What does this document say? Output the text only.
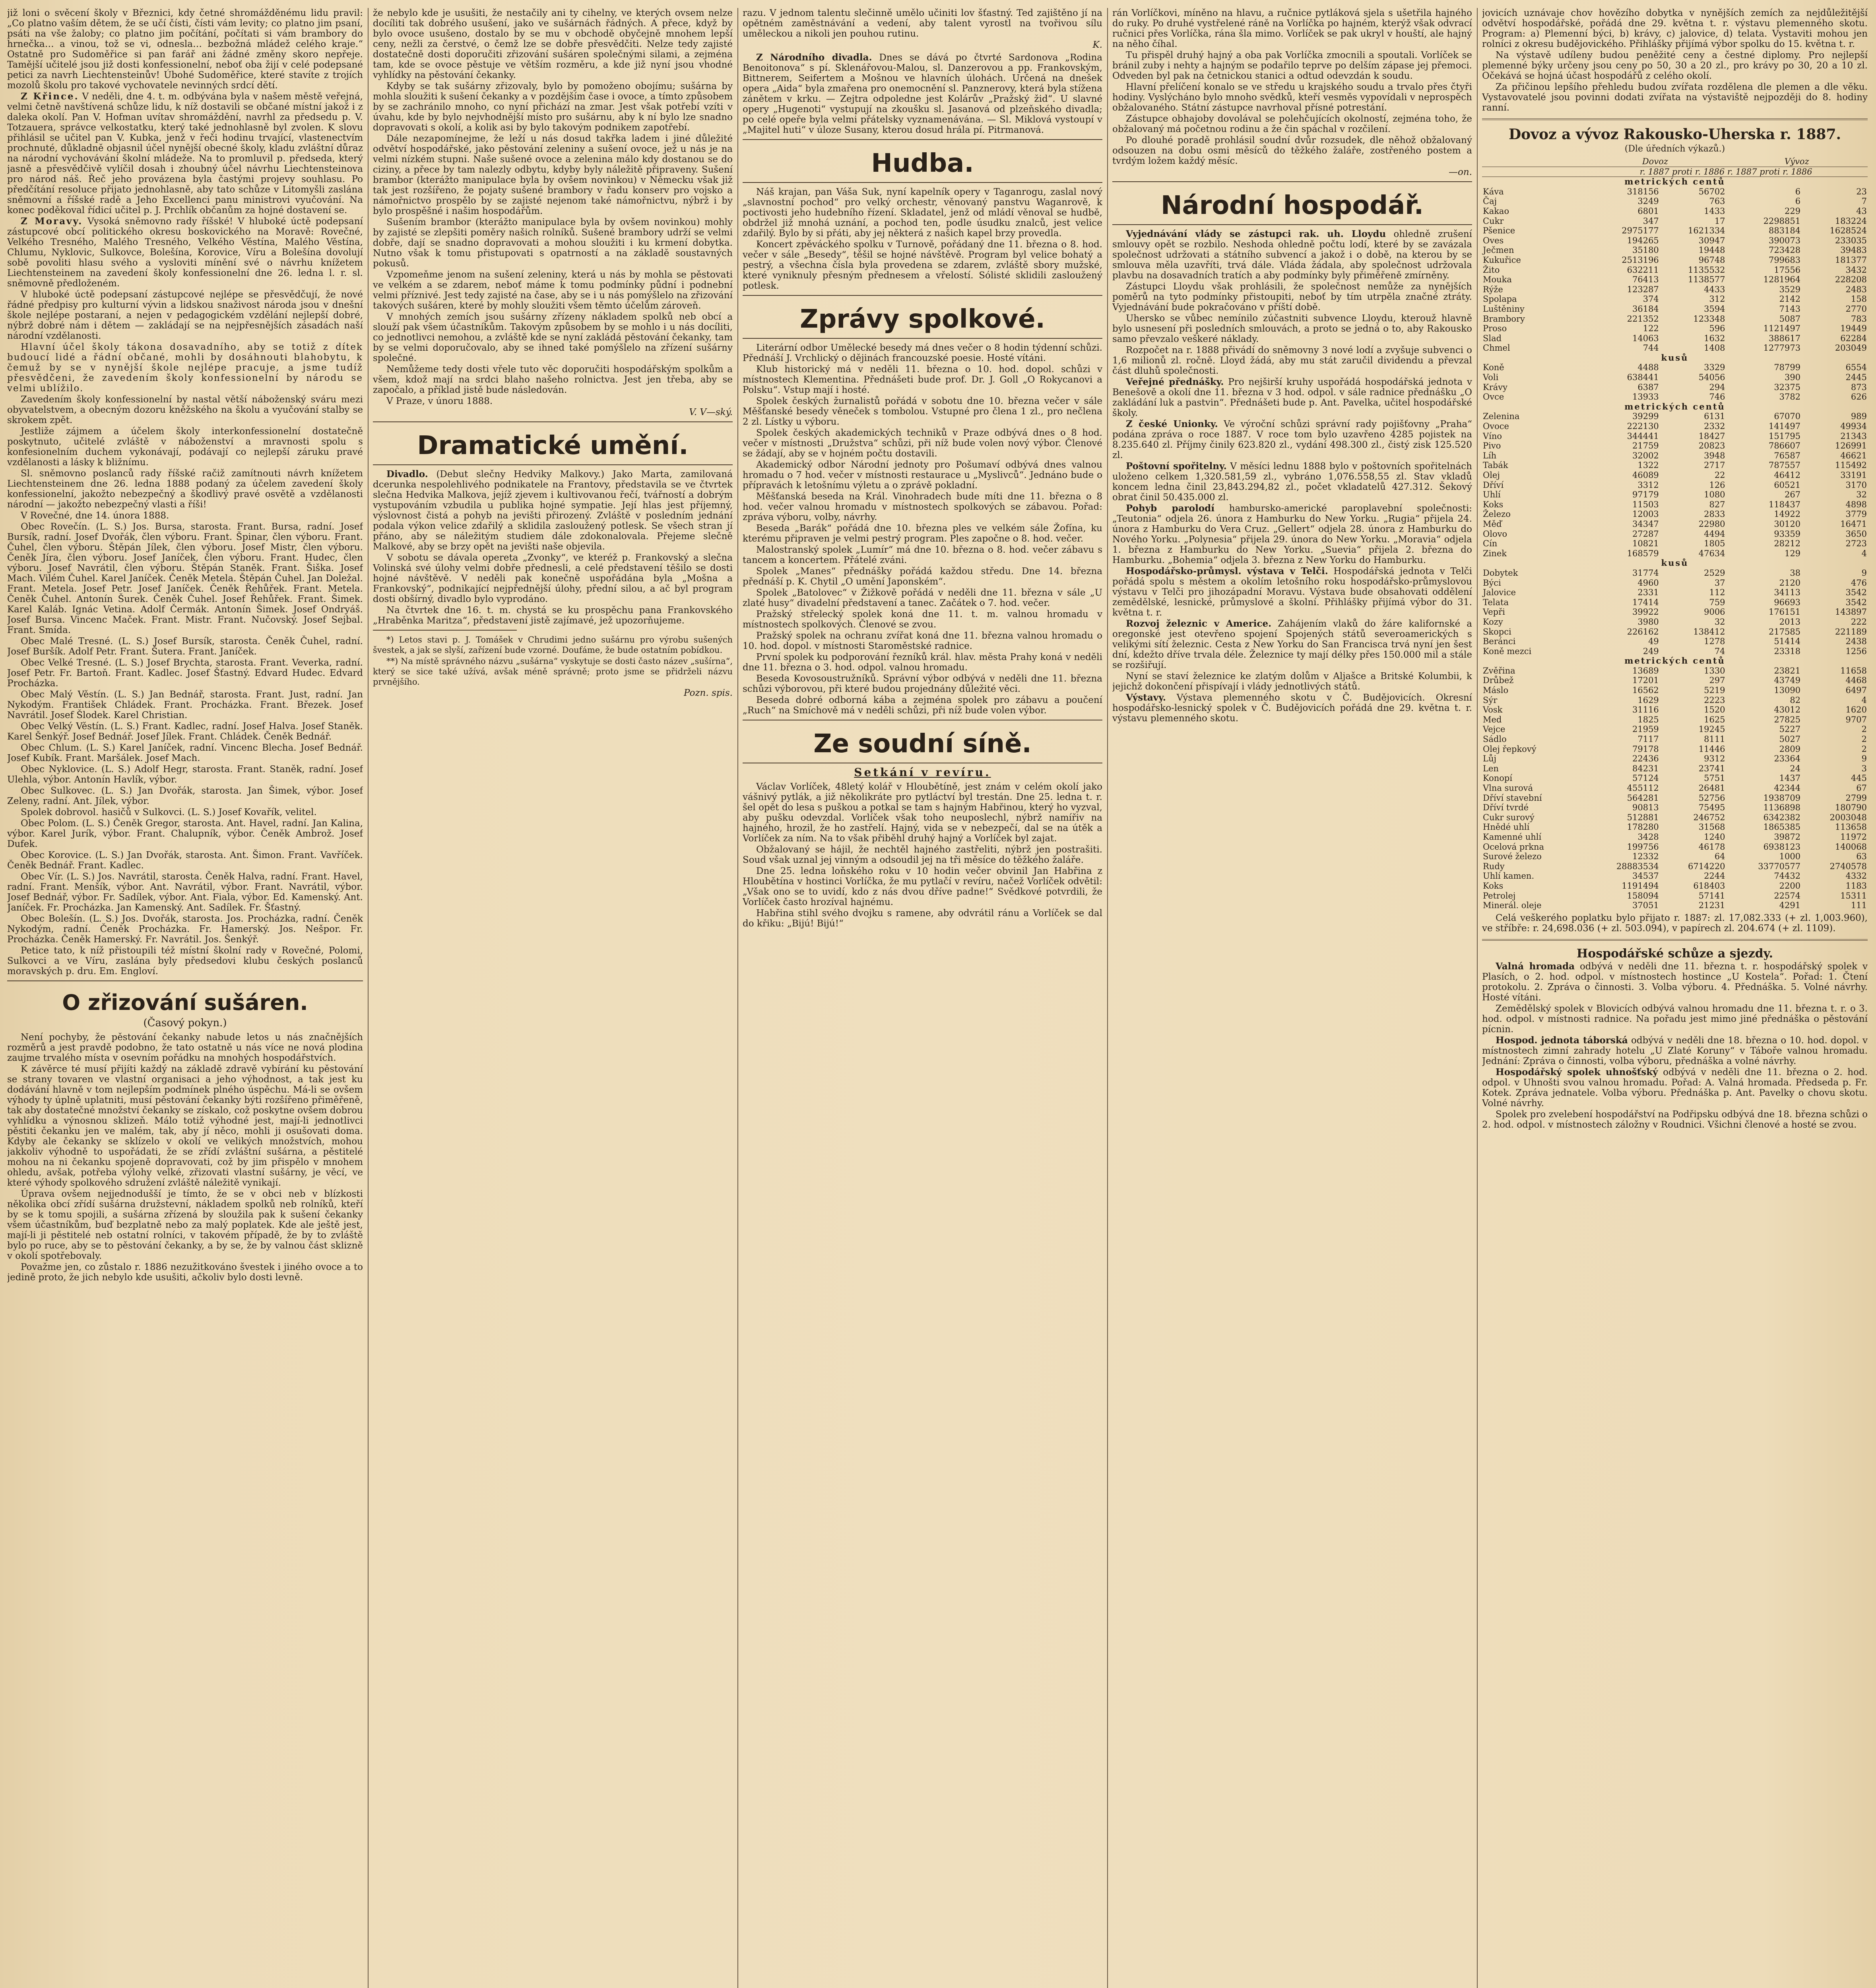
již loni o svěcení školy v Březnici, kdy četné shromážděnému lidu pravil: „Co platno vaším dětem, že se učí čísti, čísti vám levity; co platno jim psaní, psáti na vše žaloby; co platno jim počítání, počítati si vám brambory do hrnečka… a vinou, tož se vi, odnesla… bezbožná mládež celého kraje.“ Ostatně pro Sudoměřice si pan farář ani žádné změny skoro nepřeje. Tamější učitelé jsou již dosti konfessionelní, neboť oba žijí v celé podepsané petici za navrh Liechtensteinův! Úbohé Sudoměřice, které stavíte z trojích mozolů školu pro takové vychovatele nevinných srdcí dětí.

Z Křince. V neděli, dne 4. t. m. odbývána byla v našem městě veřejná, velmi četně navštívená schůze lidu, k níž dostavili se občané místní jakož i z daleka okolí. Pan V. Hofman uvítav shromáždění, navrhl za předsedu p. V. Totzauera, správce velkostatku, který také jednohlasně byl zvolen. K slovu přihlásil se učitel pan V. Kubka, jenž v řeči hodinu trvající, vlastenectvím prochnuté, důkladně objasnil účel nynější obecné školy, kladu zvláštní důraz na národní vychovávání školní mládeže. Na to promluvil p. předseda, který jasně a přesvědčivě vylíčil dosah i zhoubný účel návrhu Liechtensteinova pro národ náš. Řeč jeho provázena byla častými projevy souhlasu. Po předčítání resoluce přijato jednohlasně, aby tato schůze v Litomyšli zaslána sněmovní a říšské radě a Jeho Excellenci panu ministrovi vyučování. Na konec poděkoval řídicí učitel p. J. Prchlík občanům za hojné dostavení se.

Z Moravy. Vysoká sněmovno rady říšské! V hluboké úctě podepsaní zástupcové obcí politického okresu boskovického na Moravě: Rovečné, Velkého Tresného, Malého Tresného, Velkého Věstína, Malého Věstína, Chlumu, Nyklovic, Sulkovce, Bolešína, Korovice, Víru a Bolešína dovolují sobě povoliti hlasu svého a vysloviti mínění své o návrhu knížetem Liechtensteinem na zavedení školy konfessionelní dne 26. ledna l. r. sl. sněmovně předloženém.

V hluboké úctě podepsaní zástupcové nejlépe se přesvědčují, že nové řádné předpisy pro kulturní vývin a lidskou snaživost národa jsou v dnešní škole nejlépe postaraní, a nejen v pedagogickém vzdělání nejlepší dobré, nýbrž dobré nám i dětem — zakládají se na nejpřesnějších zásadách naší národní vzdělanosti.

Hlavní účel školy tákona dosavadního, aby se totiž z dítek budoucí lidé a řádní občané, mohli by dosáhnouti blahobytu, k čemuž by se v nynější škole nejlépe pracuje, a jsme tudíž přesvědčeni, že zavedením školy konfessionelní by národu se velmi ublížilo.

Zavedením školy konfessionelní by nastal větší náboženský sváru mezi obyvatelstvem, a obecným dozoru kněžského na školu a vyučování stalby se skrokem zpět.

Jestliže zájmem a účelem školy interkonfessionelní dostatečně poskytnuto, učitelé zvláště v náboženství a mravnosti spolu s konfesionelním duchem vykonávají, podávají co nejlepší záruku pravé vzdělanosti a lásky k bližnímu.

Sl. sněmovno poslanců rady říšské račiž zamítnouti návrh knížetem Liechtensteinem dne 26. ledna 1888 podaný za účelem zavedení školy konfessionelní, jakožto nebezpečný a škodlivý pravé osvětě a vzdělanosti národní — jakožto nebezpečný vlasti a říši!

V Rovečné, dne 14. února 1888.

Obec Rovečín. (L. S.) Jos. Bursa, starosta. Frant. Bursa, radní. Josef Bursík, radní. Josef Dvořák, člen výboru. Frant. Špinar, člen výboru. Frant. Čuhel, člen výboru. Štěpán Jílek, člen výboru. Josef Mistr, člen výboru. Čeněk Jíra, člen výboru. Josef Janíček, člen výboru. Frant. Hudec, člen výboru. Josef Navrátil, člen výboru. Štěpán Staněk. Frant. Šiška. Josef Mach. Vilém Čuhel. Karel Janíček. Čeněk Metela. Štěpán Čuhel. Jan Doležal. Frant. Metela. Josef Petr. Josef Janíček. Čeněk Řehůřek. Frant. Metela. Čeněk Čuhel. Antonín Šurek. Čeněk Čuhel. Josef Řehůřek. Frant. Šimek. Karel Kaláb. Ignác Vetina. Adolf Čermák. Antonín Šimek. Josef Ondryáš. Josef Bursa. Vincenc Maček. Frant. Mistr. Frant. Nučovský. Josef Sejbal. Frant. Smída.

Obec Malé Tresné. (L. S.) Josef Bursík, starosta. Čeněk Čuhel, radní. Josef Buršík. Adolf Petr. Frant. Šutera. Frant. Janíček.

Obec Velké Tresné. (L. S.) Josef Brychta, starosta. Frant. Veverka, radní. Josef Petr. Fr. Bartoň. Frant. Kadlec. Josef Šťastný. Edvard Hudec. Edvard Procházka.

Obec Malý Věstín. (L. S.) Jan Bednář, starosta. Frant. Just, radní. Jan Nykodým. František Chládek. Frant. Procházka. Frant. Březek. Josef Navrátil. Josef Šlodek. Karel Christian.

Obec Velký Věstín. (L. S.) Frant. Kadlec, radní. Josef Halva. Josef Staněk. Karel Šenkýř. Josef Bednář. Josef Jílek. Frant. Chládek. Čeněk Bednář.

Obec Chlum. (L. S.) Karel Janíček, radní. Vincenc Blecha. Josef Bednář. Josef Kubík. Frant. Maršálek. Josef Mach.

Obec Nyklovice. (L. S.) Adolf Hegr, starosta. Frant. Staněk, radní. Josef Ulehla, výbor. Antonín Havlík, výbor.

Obec Sulkovec. (L. S.) Jan Dvořák, starosta. Jan Šimek, výbor. Josef Zeleny, radní. Ant. Jílek, výbor.

Spolek dobrovol. hasičů v Sulkovci. (L. S.) Josef Kovařík, velitel.

Obec Polom. (L. S.) Čeněk Gregor, starosta. Ant. Havel, radní. Jan Kalina, výbor. Karel Jurík, výbor. Frant. Chalupník, výbor. Čeněk Ambrož. Josef Dufek.

Obec Korovice. (L. S.) Jan Dvořák, starosta. Ant. Šimon. Frant. Vavříček. Čeněk Bednář. Frant. Kadlec.

Obec Vír. (L. S.) Jos. Navrátil, starosta. Čeněk Halva, radní. Frant. Havel, radní. Frant. Menšík, výbor. Ant. Navrátil, výbor. Frant. Navrátil, výbor. Josef Bednář, výbor. Fr. Sadílek, výbor. Ant. Fiala, výbor. Ed. Kamenský. Ant. Janíček. Fr. Procházka. Jan Kamenský. Ant. Sadílek. Fr. Šťastný.

Obec Bolešín. (L. S.) Jos. Dvořák, starosta. Jos. Procházka, radní. Čeněk Nykodým, radní. Čeněk Procházka. Fr. Hamerský. Jos. Nešpor. Fr. Procházka. Čeněk Hamerský. Fr. Navrátil. Jos. Šenkýř.

Petice tato, k níž přistoupili též místní školní rady v Rovečné, Polomi, Sulkovci a ve Víru, zaslána byly předsedovi klubu českých poslanců moravských p. dru. Em. Engloví.

O zřizování sušáren.
(Časový pokyn.)

Není pochyby, že pěstování čekanky nabude letos u nás značnějších rozměrů a jest pravdě podobno, že tato ostatně u nás více ne nová plodina zaujme trvalého místa v osevním pořádku na mnohých hospodářstvích.

K závěrce té musí přijíti každý na základě zdravě vybírání ku pěstování se strany tovaren ve vlastní organisaci a jeho výhodnost, a tak jest ku dodávání hlavně v tom nejlepším podmínek plného úspěchu. Má-li se ovšem výhody ty úplně uplatniti, musí pěstování čekanky býti rozšířeno přiměřeně, tak aby dostatečné množství čekanky se získalo, což poskytne ovšem dobrou vyhlídku a výnosnou sklizeň. Málo totiž výhodné jest, mají-li jednotlivci pěstiti čekanku jen ve malém, tak, aby jí něco, mohli ji osušovati doma. Kdyby ale čekanky se sklízelo v okolí ve velikých množstvích, mohou jakkoliv výhodně to uspořádati, že se zřídí zvláštní sušárna, a pěstitelé mohou na ni čekanku spojeně dopravovati, což by jim přispělo v mnohem ohledu, avšak, potřeba výlohy velké, zřizovati vlastní sušárny, je věcí, ve které výhody spolkového sdružení zvláště náležitě vynikají.

Úprava ovšem nejjednodušší je tímto, že se v obci neb v blízkosti několika obcí zřídí sušárna družstevní, nákladem spolků neb rolníků, kteří by se k tomu spojili, a sušárna zřízená by sloužila pak k sušení čekanky všem účastníkům, buď bezplatně nebo za malý poplatek. Kde ale ještě jest, mají-li ji pěstitelé neb ostatní rolníci, v takovém případě, že by to zvláště bylo po ruce, aby se to pěstování čekanky, a by se, že by valnou část sklizně v okolí spotřebovaly.

Považme jen, co zůstalo r. 1886 nezužitkováno švestek i jiného ovoce a to jedině proto, že jich nebylo kde usušiti, ačkoliv bylo dosti levně.

že nebylo kde je usušiti, že nestačily ani ty cihelny, ve kterých ovsem nelze docíliti tak dobrého usušení, jako ve sušárnách řádných. A přece, když by bylo ovoce usušeno, dostalo by se mu v obchodě obyčejně mnohem lepší ceny, nežli za čerstvé, o čemž lze se dobře přesvědčiti. Nelze tedy zajisté dostatečně dosti doporučiti zřizování sušáren společnými silami, a zejména tam, kde se ovoce pěstuje ve větším rozměru, a kde již nyní jsou vhodné vyhlídky na pěstování čekanky.

Kdyby se tak sušárny zřizovaly, bylo by pomoženo obojímu; sušárna by mohla sloužiti k sušení čekanky a v pozdějším čase i ovoce, a tímto způsobem by se zachránilo mnoho, co nyní přichází na zmar. Jest však potřebí vzíti v úvahu, kde by bylo nejvhodnější místo pro sušárnu, aby k ní bylo lze snadno dopravovati s okolí, a kolik asi by bylo takovým podnikem zapotřebí.

Dále nezapomínejme, že leží u nás dosud takřka ladem i jiné důležité odvětví hospodářské, jako pěstování zeleniny a sušení ovoce, jež u nás je na velmi nízkém stupni. Naše sušené ovoce a zelenina málo kdy dostanou se do ciziny, a přece by tam nalezly odbytu, kdyby byly náležitě připraveny. Sušení brambor (kterážto manipulace byla by ovšem novinkou) v Německu však již tak jest rozšířeno, že pojaty sušené brambory v řadu konserv pro vojsko a námořnictvo prospělo by se zajisté nejenom také námořnictvu, nýbrž i by bylo prospěšné i našim hospodářům.

Sušením brambor (kterážto manipulace byla by ovšem novinkou) mohly by zajisté se zlepšiti poměry našich rolníků. Sušené brambory udrží se velmi dobře, dají se snadno dopravovati a mohou sloužiti i ku krmení dobytka. Nutno však k tomu přistupovati s opatrností a na základě soustavných pokusů.

Vzpomeňme jenom na sušení zeleniny, která u nás by mohla se pěstovati ve velkém a se zdarem, neboť máme k tomu podmínky půdní i podnební velmi příznivé. Jest tedy zajisté na čase, aby se i u nás pomýšlelo na zřizování takových sušáren, které by mohly sloužiti všem těmto účelům zároveň.

V mnohých zemích jsou sušárny zřízeny nákladem spolků neb obcí a slouží pak všem účastníkům. Takovým způsobem by se mohlo i u nás docíliti, co jednotlivci nemohou, a zvláště kde se nyní zakládá pěstování čekanky, tam by se velmi doporučovalo, aby se ihned také pomýšlelo na zřízení sušárny společné.

Nemůžeme tedy dosti vřele tuto věc doporučiti hospodářským spolkům a všem, kdož mají na srdci blaho našeho rolnictva. Jest jen třeba, aby se započalo, a příklad jistě bude následován.

V Praze, v únoru 1888.

V. V—ský.
Dramatické umění.

Divadlo. (Debut slečny Hedviky Malkovy.) Jako Marta, zamilovaná dcerunka nespolehlivého podnikatele na Frantovy, představila se ve čtvrtek slečna Hedvika Malkova, jejíž zjevem i kultivovanou řečí, tvářností a dobrým vystupováním vzbudila u publika hojné sympatie. Její hlas jest příjemný, výslovnost čistá a pohyb na jevišti přirozený. Zvláště v posledním jednání podala výkon velice zdařilý a sklidila zasloužený potlesk. Se všech stran jí přáno, aby se náležitým studiem dále zdokonalovala. Přejeme slečně Malkové, aby se brzy opět na jevišti naše objevila.

V sobotu se dávala opereta „Zvonky“, ve kteréž p. Frankovský a slečna Volinská své úlohy velmi dobře přednesli, a celé představení těšilo se dosti hojné návštěvě. V neděli pak konečně uspořádána byla „Mošna a Frankovský“, podnikající nejpřednější úlohy, přední silou, a ač byl program dosti obšírný, divadlo bylo vyprodáno.

Na čtvrtek dne 16. t. m. chystá se ku prospěchu pana Frankovského „Hraběnka Maritza“, představení jistě zajímavé, jež upozorňujeme.

*) Letos stavi p. J. Tomášek v Chrudimi jedno sušárnu pro výrobu sušených švestek, a jak se slyší, zařízení bude vzorné. Doufáme, že bude ostatním pobídkou.

**) Na místě správného názvu „sušárna“ vyskytuje se dosti často název „sušírna“, který se sice také užívá, avšak méně správně; proto jsme se přidrželi názvu prvnějšího.

Pozn. spis.

razu. V jednom talentu slečinně umělo učiniti lov šťastný. Ted zajištěno jí na opětném zaměstnávání a vedení, aby talent vyrostl na tvořivou sílu uměleckou a nikoli jen pouhou rutinu.

K.

Z Národního divadla. Dnes se dává po čtvrté Sardonova „Rodina Benoitonova“ s pí. Sklenářovou-Malou, sl. Danzerovou a pp. Frankovským, Bittnerem, Seifertem a Mošnou ve hlavních úlohách. Určená na dnešek opera „Aida“ byla zmařena pro onemocnění sl. Panznerovy, která byla stížena zánětem v krku. — Zejtra odpoledne jest Kolárův „Pražský žid“. U slavné opery „Hugenoti“ vystupují na zkoušku sl. Jasanová od plzeňského divadla; po celé opeře byla velmi přátelsky vyznamenávána. — Sl. Miklová vystoupí v „Majitel huti“ v úloze Susany, kterou dosud hrála pí. Pitrmanová.

Hudba.

Náš krajan, pan Váša Suk, nyní kapelník opery v Taganrogu, zaslal nový „slavnostní pochod“ pro velký orchestr, věnovaný panstvu Waganrově, k poctivosti jeho hudebního řízení. Skladatel, jenž od mládí věnoval se hudbě, obdržel již mnohá uznání, a pochod ten, podle úsudku znalců, jest velice zdařilý. Bylo by si přáti, aby jej některá z našich kapel brzy provedla.

Koncert zpěváckého spolku v Turnově, pořádaný dne 11. března o 8. hod. večer v sále „Besedy“, těšil se hojné návštěvě. Program byl velice bohatý a pestrý, a všechna čísla byla provedena se zdarem, zvláště sbory mužské, které vyniknuly přesným přednesem a vřelostí. Sólisté sklidili zasloužený potlesk.

Zprávy spolkové.

Literární odbor Umělecké besedy má dnes večer o 8 hodin týdenní schůzi. Přednáší J. Vrchlický o dějinách francouzské poesie. Hosté vítáni.

Klub historický má v neděli 11. března o 10. hod. dopol. schůzi v místnostech Klementina. Přednášeti bude prof. Dr. J. Goll „O Rokycanovi a Polsku“. Vstup mají i hosté.

Spolek českých žurnalistů pořádá v sobotu dne 10. března večer v sále Měšťanské besedy věneček s tombolou. Vstupné pro člena 1 zl., pro nečlena 2 zl. Lístky u výboru.

Spolek českých akademických techniků v Praze odbývá dnes o 8 hod. večer v místnosti „Družstva“ schůzi, při níž bude volen nový výbor. Členové se žádají, aby se v hojném počtu dostavili.

Akademický odbor Národní jednoty pro Pošumaví odbývá dnes valnou hromadu o 7 hod. večer v místnosti restaurace u „Myslivců“. Jednáno bude o přípravách k letošnímu výletu a o zprávě pokladní.

Měšťanská beseda na Král. Vinohradech bude míti dne 11. března o 8 hod. večer valnou hromadu v místnostech spolkových se zábavou. Pořad: zpráva výboru, volby, návrhy.

Beseda „Barák“ pořádá dne 10. března ples ve velkém sále Žofína, ku kterému připraven je velmi pestrý program. Ples započne o 8. hod. večer.

Malostranský spolek „Lumír“ má dne 10. března o 8. hod. večer zábavu s tancem a koncertem. Přátelé zváni.

Spolek „Manes“ přednášky pořádá každou středu. Dne 14. března přednáší p. K. Chytil „O umění Japonském“.

Spolek „Batolovec“ v Žižkově pořádá v neděli dne 11. března v sále „U zlaté husy“ divadelní představení a tanec. Začátek o 7. hod. večer.

Pražský střelecký spolek koná dne 11. t. m. valnou hromadu v místnostech spolkových. Členové se zvou.

Pražský spolek na ochranu zvířat koná dne 11. března valnou hromadu o 10. hod. dopol. v místnosti Staroměstské radnice.

První spolek ku podporování řezníků král. hlav. města Prahy koná v neděli dne 11. března o 3. hod. odpol. valnou hromadu.

Beseda Kovosoustružníků. Správní výbor odbývá v neděli dne 11. března schůzi výborovou, při které budou projednány důležité věci.

Beseda dobré odborná kába a zejména spolek pro zábavu a poučení „Ruch“ na Smíchově má v neděli schůzi, při níž bude volen výbor.

Ze soudní síně.
Setkání v revíru.

Václav Vorlíček, 48letý kolář v Hloubětíně, jest znám v celém okolí jako vášnivý pytlák, a již několikráte pro pytláctví byl trestán. Dne 25. ledna t. r. šel opět do lesa s puškou a potkal se tam s hajným Habřinou, který ho vyzval, aby pušku odevzdal. Vorlíček však toho neuposlechl, nýbrž namířiv na hajného, hrozil, že ho zastřelí. Hajný, vida se v nebezpečí, dal se na útěk a Vorlíček za ním. Na to však přiběhl druhý hajný a Vorlíček byl zajat.

Obžalovaný se hájil, že nechtěl hajného zastřeliti, nýbrž jen postrašiti. Soud však uznal jej vinným a odsoudil jej na tři měsíce do těžkého žaláře.

Dne 25. ledna loňského roku v 10 hodin večer obvinil Jan Habřina z Hloubětína v hostinci Vorlíčka, že mu pytlačí v revíru, načež Vorlíček odvětil: „Však ono se to uvidí, kdo z nás dvou dříve padne!“ Svědkové potvrdili, že Vorlíček často hrozíval hajnému.

Habřina stihl svého dvojku s ramene, aby odvrátil ránu a Vorlíček se dal do křiku: „Bijú! Bijú!“

rán Vorlíčkovi, míněno na hlavu, a ručnice pytláková sjela s ušetřila hajného do ruky. Po druhé vystřelené ráně na Vorlíčka po hajném, kterýž však odvrací ručnici přes Vorlíčka, rána šla mimo. Vorlíček se pak ukryl v houští, ale hajný na něho číhal.

Tu přispěl druhý hajný a oba pak Vorlíčka zmocnili a spoutali. Vorlíček se bránil zuby i nehty a hajným se podařilo teprve po delším zápase jej přemoci. Odveden byl pak na četnickou stanici a odtud odevzdán k soudu.

Hlavní přelíčení konalo se ve středu u krajského soudu a trvalo přes čtyři hodiny. Vyslýcháno bylo mnoho svědků, kteří vesměs vypovídali v neprospěch obžalovaného. Státní zástupce navrhoval přísné potrestání.

Zástupce obhajoby dovolával se polehčujících okolností, zejména toho, že obžalovaný má početnou rodinu a že čin spáchal v rozčilení.

Po dlouhé poradě prohlásil soudní dvůr rozsudek, dle něhož obžalovaný odsouzen na dobu osmi měsíců do těžkého žaláře, zostřeného postem a tvrdým ložem každý měsíc.

—on.
Národní hospodář.

Vyjednávání vlády se zástupci rak. uh. Lloydu ohledně zrušení smlouvy opět se rozbilo. Neshoda ohledně počtu lodí, které by se zavázala společnost udržovati a státního subvencí a jakož i o době, na kterou by se smlouva měla uzavříti, trvá dále. Vláda žádala, aby společnost udržovala plavbu na dosavadních tratích a aby podmínky byly přiměřeně zmírněny.

Zástupci Lloydu však prohlásili, že společnost nemůže za nynějších poměrů na tyto podmínky přistoupiti, neboť by tím utrpěla značné ztráty. Vyjednávání bude pokračováno v příští době.

Uhersko se vůbec nemínilo zúčastniti subvence Lloydu, kterouž hlavně bylo usnesení při posledních smlouvách, a proto se jedná o to, aby Rakousko samo převzalo veškeré náklady.

Rozpočet na r. 1888 přivádí do sněmovny 3 nové lodí a zvyšuje subvenci o 1,6 milionů zl. ročně. Lloyd žádá, aby mu stát zaručil dividendu a převzal část dluhů společnosti.

Veřejné přednášky. Pro nejširší kruhy uspořádá hospodářská jednota v Benešově a okolí dne 11. března v 3 hod. odpol. v sále radnice přednášku „O zakládání luk a pastvin“. Přednášeti bude p. Ant. Pavelka, učitel hospodářské školy.

Z české Unionky. Ve výroční schůzi správní rady pojišťovny „Praha“ podána zpráva o roce 1887. V roce tom bylo uzavřeno 4285 pojistek na 8.235.640 zl. Příjmy činily 623.820 zl., vydání 498.300 zl., čistý zisk 125.520 zl.

Poštovní spořitelny. V měsíci lednu 1888 bylo v poštovních spořitelnách uloženo celkem 1,320.581,59 zl., vybráno 1,076.558,55 zl. Stav vkladů koncem ledna činil 23,843.294,82 zl., počet vkladatelů 427.312. Šekový obrat činil 50.435.000 zl.

Pohyb parolodí hambursko-americké paroplavební společnosti: „Teutonia“ odjela 26. února z Hamburku do New Yorku. „Rugia“ přijela 24. února z Hamburku do Vera Cruz. „Gellert“ odjela 28. února z Hamburku do Nového Yorku. „Polynesia“ přijela 29. února do New Yorku. „Moravia“ odjela 1. března z Hamburku do New Yorku. „Suevia“ přijela 2. března do Hamburku. „Bohemia“ odjela 3. března z New Yorku do Hamburku.

Hospodářsko-průmysl. výstava v Telči. Hospodářská jednota v Telči pořádá spolu s městem a okolím letošního roku hospodářsko-průmyslovou výstavu v Telči pro jihozápadní Moravu. Výstava bude obsahovati oddělení zemědělské, lesnické, průmyslové a školní. Přihlášky přijímá výbor do 31. května t. r.

Rozvoj železnic v Americe. Zahájením vlaků do žáre kalifornské a oregonské jest otevřeno spojení Spojených států severoamerických s velikými sítí železnic. Cesta z New Yorku do San Francisca trvá nyní jen šest dní, kdežto dříve trvala déle. Železnice ty mají délky přes 150.000 mil a stále se rozšiřují.

Nyní se staví železnice ke zlatým dolům v Aljašce a Britské Kolumbii, k jejichž dokončení přispívají i vlády jednotlivých států.

Výstavy. Výstava plemenného skotu v Č. Budějovicích. Okresní hospodářsko-lesnický spolek v Č. Budějovicích pořádá dne 29. května t. r. výstavu plemenného skotu.

jovicích uznávaje chov hovězího dobytka v nynějších zemích za nejdůležitější odvětví hospodářské, pořádá dne 29. května t. r. výstavu plemenného skotu. Program: a) Plemenní býci, b) krávy, c) jalovice, d) telata. Vystaviti mohou jen rolníci z okresu budějovického. Přihlášky přijímá výbor spolku do 15. května t. r.

Na výstavě udíleny budou peněžité ceny a čestné diplomy. Pro nejlepší plemenné býky určeny jsou ceny po 50, 30 a 20 zl., pro krávy po 30, 20 a 10 zl. Očekává se hojná účast hospodářů z celého okolí.

Za přičinou lepšího přehledu budou zvířata rozdělena dle plemen a dle věku. Vystavovatelé jsou povinni dodati zvířata na výstaviště nejpozději do 8. hodiny ranní.

Dovoz a vývoz Rakousko-Uherska r. 1887.
(Dle úředních výkazů.)
	Dovoz		Vývoz	
	r. 1887 proti r. 1886 r. 1887 proti r. 1886			
metrických centů				
Káva	318156	56702	6	23
Čaj	3249	763	6	7
Kakao	6801	1433	229	43
Cukr	347	17	2298851	183224
Pšenice	2975177	1621334	883184	1628524
Oves	194265	30947	390073	233035
Ječmen	35180	19448	723428	39483
Kukuřice	2513196	96748	799683	181377
Žito	632211	1135532	17556	3432
Mouka	76413	1138577	1281964	228208
Rýže	123287	4433	3529	2483
Spolapa	374	312	2142	158
Luštěniny	36184	3594	7143	2770
Brambory	221352	123348	5087	783
Proso	122	596	1121497	19449
Slad	14063	1632	388617	62284
Chmel	744	1408	1277973	203049
kusů				
Koně	4488	3329	78799	6554
Voli	638441	54056	390	2445
Krávy	6387	294	32375	873
Ovce	13933	746	3782	626
metrických centů				
Zelenina	39299	6131	67070	989
Ovoce	222130	2332	141497	49934
Víno	344441	18427	151795	21343
Pivo	21759	20823	786607	126991
Líh	32002	3948	76587	46621
Tabák	1322	2717	787557	115492
Olej	46089	22	46412	33191
Dříví	3312	126	60521	3170
Uhlí	97179	1080	267	32
Koks	11503	827	118437	4898
Železo	12003	2833	14922	3779
Měď	34347	22980	30120	16471
Olovo	27287	4494	93359	3650
Cín	10821	1805	28212	2723
Zinek	168579	47634	129	4
kusů				
Dobytek	31774	2529	38	9
Býci	4960	37	2120	476
Jalovice	2331	112	34113	3542
Telata	17414	759	96693	3542
Vepři	39922	9006	176151	143897
Kozy	3980	32	2013	222
Skopci	226162	138412	217585	221189
Beránci	49	1278	51414	2438
Koně mezci	249	74	23318	1256
metrických centů				
Zvěřina	13689	1330	23821	11658
Drůbež	17201	297	43749	4468
Máslo	16562	5219	13090	6497
Sýr	1629	2223	82	4
Vosk	31116	1520	43012	1620
Med	1825	1625	27825	9707
Vejce	21959	19245	5227	2
Sádlo	7117	8111	5027	2
Olej řepkový	79178	11446	2809	2
Lůj	22436	9312	23364	9
Len	84231	23741	24	3
Konopí	57124	5751	1437	445
Vlna surová	455112	26481	42344	67
Dříví stavební	564281	52756	1938709	2799
Dříví tvrdé	90813	75495	1136898	180790
Cukr surový	512881	246752	6342382	2003048
Hnědé uhlí	178280	31568	1865385	113658
Kamenné uhlí	3428	1240	39872	11972
Ocelová prkna	199756	46178	6938123	140068
Surové železo	12332	64	1000	63
Rudy	28883534	6714220	33770577	2740578
Uhlí kamen.	34537	2244	74432	4332
Koks	1191494	618403	2200	1183
Petrolej	158094	57141	22574	15311
Minerál. oleje	37051	21231	4291	111

Celá veškerého poplatku bylo přijato r. 1887: zl. 17,082.333 (+ zl. 1,003.960), ve stříbře: r. 24,698.036 (+ zl. 503.094), v papírech zl. 204.674 (+ zl. 1109).

Hospodářské schůze a sjezdy.

Valná hromada odbývá v neděli dne 11. března t. r. hospodářský spolek v Plasích, o 2. hod. odpol. v místnostech hostince „U Kostela“. Pořad: 1. Čtení protokolu. 2. Zpráva o činnosti. 3. Volba výboru. 4. Přednáška. 5. Volné návrhy. Hosté vítáni.

Zemědělský spolek v Blovicích odbývá valnou hromadu dne 11. března t. r. o 3. hod. odpol. v místnosti radnice. Na pořadu jest mimo jiné přednáška o pěstování pícnin.

Hospod. jednota táborská odbývá v neděli dne 18. března o 10. hod. dopol. v místnostech zimní zahrady hotelu „U Zlaté Koruny“ v Táboře valnou hromadu. Jednání: Zpráva o činnosti, volba výboru, přednáška a volné návrhy.

Hospodářský spolek uhnošťský odbývá v neděli dne 11. března o 2. hod. odpol. v Uhnošti svou valnou hromadu. Pořad: A. Valná hromada. Předseda p. Fr. Kotek. Zpráva jednatele. Volba výboru. Přednáška p. Ant. Pavelky o chovu skotu. Volné návrhy.

Spolek pro zvelebení hospodářství na Podřipsku odbývá dne 18. března schůzi o 2. hod. odpol. v místnostech záložny v Roudnici. Všichni členové a hosté se zvou.
